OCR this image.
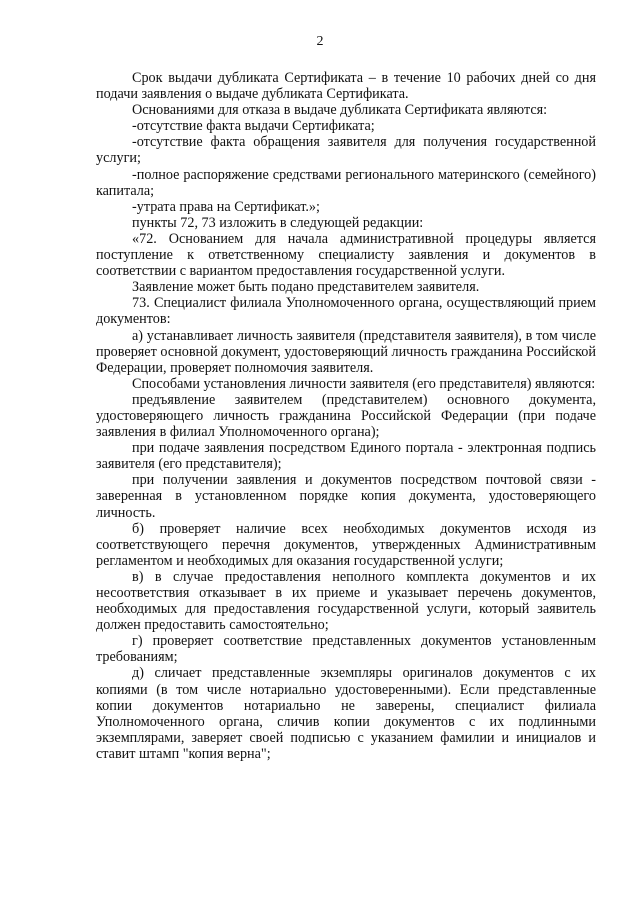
2

Срок выдачи дубликата Сертификата – в течение 10 рабочих дней со дня подачи заявления о выдаче дубликата Сертификата.

Основаниями для отказа в выдаче дубликата Сертификата являются:

-отсутствие факта выдачи Сертификата;

-отсутствие факта обращения заявителя для получения государственной услуги;

-полное распоряжение средствами регионального материнского (семейного) капитала;

-утрата права на Сертификат.»;

пункты 72, 73 изложить в следующей редакции:

«72. Основанием для начала административной процедуры является поступление к ответственному специалисту заявления и документов в соответствии с вариантом предоставления государственной услуги.

Заявление может быть подано представителем заявителя.

73. Специалист филиала Уполномоченного органа, осуществляющий прием документов:

а) устанавливает личность заявителя (представителя заявителя), в том числе проверяет основной документ, удостоверяющий личность гражданина Российской Федерации, проверяет полномочия заявителя.

Способами установления личности заявителя (его представителя) являются:

предъявление заявителем (представителем) основного документа, удостоверяющего личность гражданина Российской Федерации (при подаче заявления в филиал Уполномоченного органа);

при подаче заявления посредством Единого портала - электронная подпись заявителя (его представителя);

при получении заявления и документов посредством почтовой связи - заверенная в установленном порядке копия документа, удостоверяющего личность.

б) проверяет наличие всех необходимых документов исходя из соответствующего перечня документов, утвержденных Административным регламентом и необходимых для оказания государственной услуги;

в) в случае предоставления неполного комплекта документов и их несоответствия отказывает в их приеме и указывает перечень документов, необходимых для предоставления государственной услуги, который заявитель должен предоставить самостоятельно;

г) проверяет соответствие представленных документов установленным требованиям;

д) сличает представленные экземпляры оригиналов документов с их копиями (в том числе нотариально удостоверенными). Если представленные копии документов нотариально не заверены, специалист филиала Уполномоченного органа, сличив копии документов с их подлинными экземплярами, заверяет своей подписью с указанием фамилии и инициалов и ставит штамп "копия верна";
